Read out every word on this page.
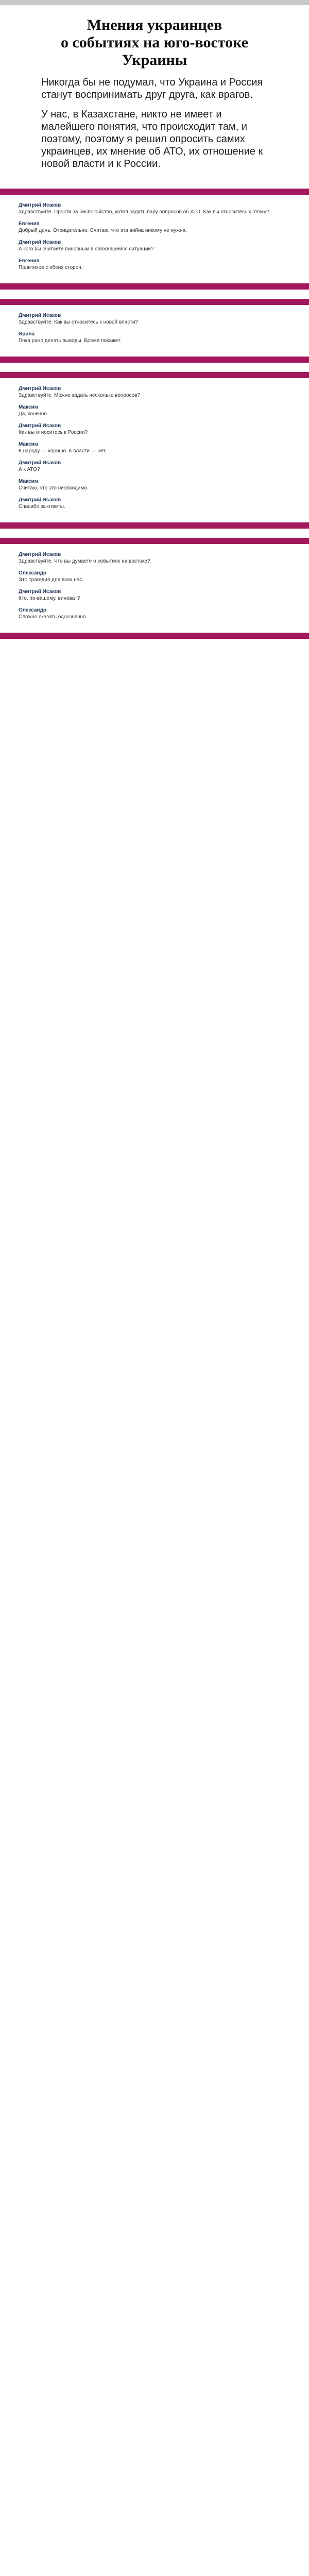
Мнения украинцев
о событиях на юго-востоке
Украины

Никогда бы не подумал, что Украина и Россия станут воспринимать друг друга, как врагов.

У нас, в Казахстане, никто не имеет и малейшего понятия, что происходит там, и поэтому, поэтому я решил опросить самих украинцев, их мнение об АТО, их отношение к новой власти и к России.

Дмитрий Исаков
Здравствуйте. Прости за беспокойство, хотел задать пару вопросов об АТО. Как вы относитесь к этому?
Евгения
Добрый день. Отрицательно. Считаю, что эта война никому не нужна.
Дмитрий Исаков
А кого вы считаете виновным в сложившейся ситуации?
Евгения
Политиков с обеих сторон.
Дмитрий Исаков
Здравствуйте. Как вы относитесь к новой власти?
Ирина
Пока рано делать выводы. Время покажет.
Дмитрий Исаков
Здравствуйте. Можно задать несколько вопросов?
Максим
Да, конечно.
Дмитрий Исаков
Как вы относитесь к России?
Максим
К народу — хорошо. К власти — нет.
Дмитрий Исаков
А к АТО?
Максим
Считаю, что это необходимо.
Дмитрий Исаков
Спасибо за ответы.
Дмитрий Исаков
Здравствуйте. Что вы думаете о событиях на востоке?
Олександр
Это трагедия для всех нас.
Дмитрий Исаков
Кто, по-вашему, виноват?
Олександр
Сложно сказать однозначно.
